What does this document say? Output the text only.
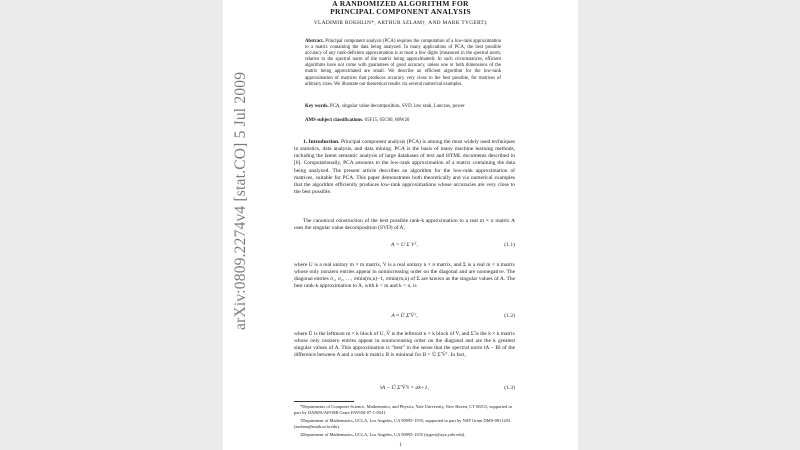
A RANDOMIZED ALGORITHM FOR
PRINCIPAL COMPONENT ANALYSIS
VLADIMIR ROKHLIN*, ARTHUR SZLAM†, AND MARK TYGERT‡
Abstract. Principal component analysis (PCA) requires the computation of a low-rank approximation to a matrix containing the data being analyzed. In many applications of PCA, the best possible accuracy of any rank-deficient approximation is at most a few digits (measured in the spectral norm, relative to the spectral norm of the matrix being approximated). In such circumstances, efficient algorithms have not come with guarantees of good accuracy, unless one or both dimensions of the matrix being approximated are small. We describe an efficient algorithm for the low-rank approximation of matrices that produces accuracy very close to the best possible, for matrices of arbitrary sizes. We illustrate our theoretical results via several numerical examples.
Key words. PCA, singular value decomposition, SVD, low rank, Lanczos, power
AMS subject classifications. 65F15, 65C60, 68W20
1. Introduction. Principal component analysis (PCA) is among the most widely used techniques in statistics, data analysis, and data mining. PCA is the basis of many machine learning methods, including the latent semantic analysis of large databases of text and HTML documents described in [6]. Computationally, PCA amounts to the low-rank approximation of a matrix containing the data being analyzed. The present article describes an algorithm for the low-rank approximation of matrices, suitable for PCA. This paper demonstrates both theoretically and via numerical examples that the algorithm efficiently produces low-rank approximations whose accuracies are very close to the best possible.
The canonical construction of the best possible rank-k approximation to a real m × n matrix A uses the singular value decomposition (SVD) of A,
A = U Σ Vᵀ,	(1.1)
where U is a real unitary m × m matrix, V is a real unitary n × n matrix, and Σ is a real m × n matrix whose only nonzero entries appear in nonincreasing order on the diagonal and are nonnegative. The diagonal entries σ₁, σ₂, …, σmin(m,n)−1, σmin(m,n) of Σ are known as the singular values of A. The best rank-k approximation to A, with k < m and k < n, is
A ≈ Ũ Σ̃ Ṽᵀ,	(1.2)
where Ũ is the leftmost m × k block of U, Ṽ is the leftmost n × k block of V, and Σ̃ is the k × k matrix whose only nonzero entries appear in nonincreasing order on the diagonal and are the k greatest singular values of A. This approximation is “best” in the sense that the spectral norm ‖A − B‖ of the difference between A and a rank-k matrix B is minimal for B = Ũ Σ̃ Ṽᵀ. In fact,
‖A − Ũ Σ̃ Ṽᵀ‖ = σk+1,	(1.3)
*Departments of Computer Science, Mathematics, and Physics, Yale University, New Haven, CT 06511; supported in part by DARPA/AFOSR Grant FA9550-07-1-0541.
†Department of Mathematics, UCLA, Los Angeles, CA 90095-1555; supported in part by NSF Grant DMS-0811203 (aszlam@math.ucla.edu).
‡Department of Mathematics, UCLA, Los Angeles, CA 90095-1555 (tygert@aya.yale.edu).
1
arXiv:0809.2274v4 [stat.CO] 5 Jul 2009
